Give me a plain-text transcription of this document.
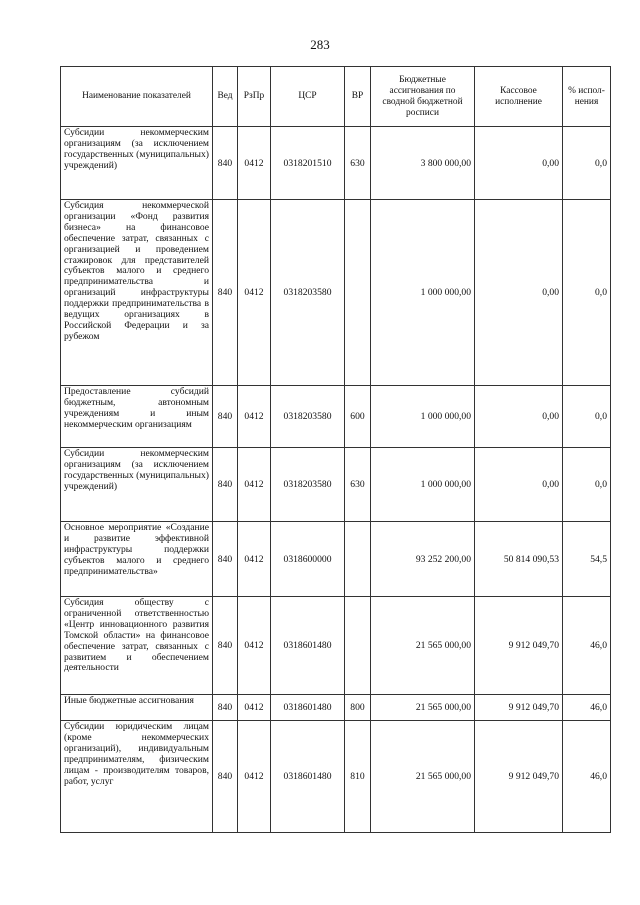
283
Наименование показателей	Вед	РзПр	ЦСР	ВР	Бюджетные ассигнования по сводной бюджетной росписи	Кассовое исполнение	% испол-нения
Субсидии некоммерческим организациям (за исключением государственных (муниципальных) учреждений)	840	0412	0318201510	630	3 800 000,00	0,00	0,0
Субсидия некоммерческой организации «Фонд развития бизнеса» на финансовое обеспечение затрат, связанных с организацией и проведением стажировок для представителей субъектов малого и среднего предпринимательства и организаций инфраструктуры поддержки предпринимательства в ведущих организациях в Российской Федерации и за рубежом	840	0412	0318203580		1 000 000,00	0,00	0,0
Предоставление субсидий бюджетным, автономным учреждениям и иным некоммерческим организациям	840	0412	0318203580	600	1 000 000,00	0,00	0,0
Субсидии некоммерческим организациям (за исключением государственных (муниципальных) учреждений)	840	0412	0318203580	630	1 000 000,00	0,00	0,0
Основное мероприятие «Создание и развитие эффективной инфраструктуры поддержки субъектов малого и среднего предпринимательства»	840	0412	0318600000		93 252 200,00	50 814 090,53	54,5
Субсидия обществу с ограниченной ответственностью «Центр инновационного развития Томской области» на финансовое обеспечение затрат, связанных с развитием и обеспечением деятельности	840	0412	0318601480		21 565 000,00	9 912 049,70	46,0
Иные бюджетные ассигнования	840	0412	0318601480	800	21 565 000,00	9 912 049,70	46,0
Субсидии юридическим лицам (кроме некоммерческих организаций), индивидуальным предпринимателям, физическим лицам - производителям товаров, работ, услуг	840	0412	0318601480	810	21 565 000,00	9 912 049,70	46,0
